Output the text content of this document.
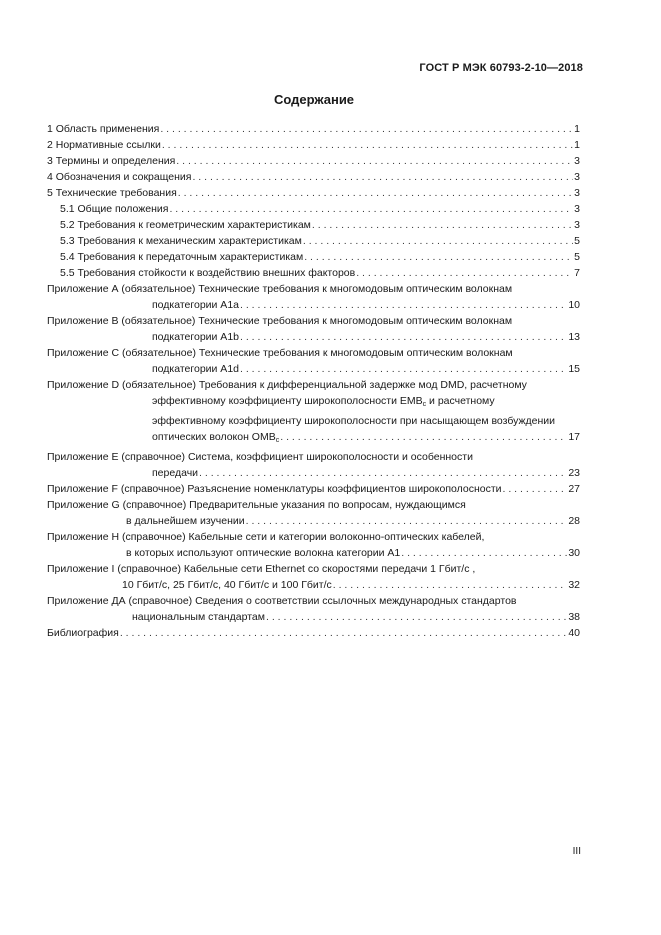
ГОСТ Р МЭК 60793-2-10—2018
Содержание
1 Область применения . . .	1
2 Нормативные ссылки . . .	1
3 Термины и определения . . .	3
4 Обозначения и сокращения . . .	3
5 Технические требования . . .	3
5.1 Общие положения . . .	3
5.2 Требования к геометрическим характеристикам . . .	3
5.3 Требования к механическим характеристикам . . .	5
5.4 Требования к передаточным характеристикам . . .	5
5.5 Требования стойкости к воздействию внешних факторов . . .	7
Приложение А (обязательное) Технические требования к многомодовым оптическим волокнам
подкатегории А1а . . .	10
Приложение В (обязательное) Технические требования к многомодовым оптическим волокнам
подкатегории А1b . . .	13
Приложение С (обязательное) Технические требования к многомодовым оптическим волокнам
подкатегории А1d . . .	15
Приложение D (обязательное) Требования к дифференциальной задержке мод DMD, расчетному
эффективному коэффициенту широкополосности $EMB_c$ и расчетному
эффективному коэффициенту широкополосности при насыщающем возбуждении
оптических волокон $OMB_c$ . . .	17
Приложение Е (справочное) Система, коэффициент широкополосности и особенности
передачи . . .	23
Приложение F (справочное) Разъяснение номенклатуры коэффициентов широкополосности . . .	27
Приложение G (справочное) Предварительные указания по вопросам, нуждающимся
в дальнейшем изучении . . .	28
Приложение Н (справочное) Кабельные сети и категории волоконно-оптических кабелей,
в которых используют оптические волокна категории А1 . . .	30
Приложение I (справочное) Кабельные сети Ethernet со скоростями передачи 1 Гбит/с ,
10 Гбит/с, 25 Гбит/с, 40 Гбит/с и 100 Гбит/с . . .	32
Приложение ДА (справочное) Сведения о соответствии ссылочных международных стандартов
национальным стандартам . . .	38
Библиография . . .	40
III
